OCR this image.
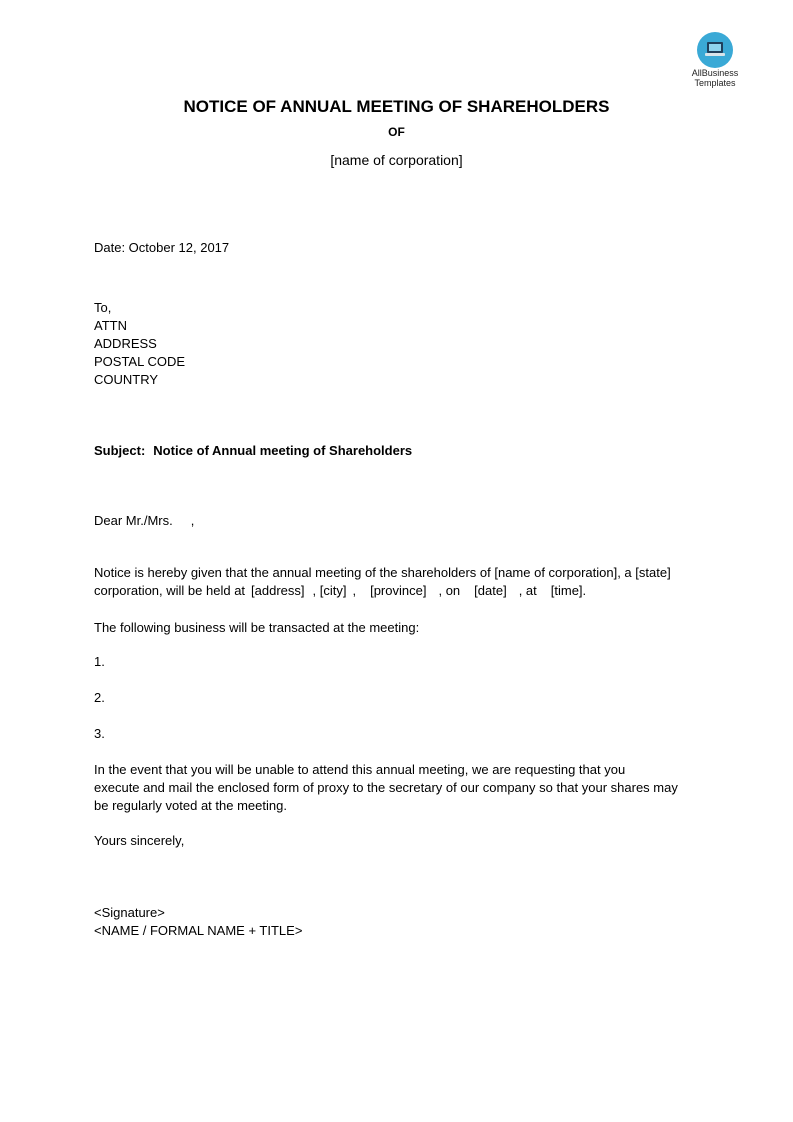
AllBusiness
Templates
NOTICE OF ANNUAL MEETING OF SHAREHOLDERS
OF
[name of corporation]
Date: October 12, 2017
To,
ATTN
ADDRESS
POSTAL CODE
COUNTRY
Subject: Notice of Annual meeting of Shareholders
Dear Mr./Mrs. ,
Notice is hereby given that the annual meeting of the shareholders of [name of corporation], a [state]
corporation, will be held at [address] , [city] , [province] , on [date] , at [time].
The following business will be transacted at the meeting:
1.
2.
3.
In the event that you will be unable to attend this annual meeting, we are requesting that you
execute and mail the enclosed form of proxy to the secretary of our company so that your shares may
be regularly voted at the meeting.
Yours sincerely,
<Signature>
<NAME / FORMAL NAME + TITLE>
